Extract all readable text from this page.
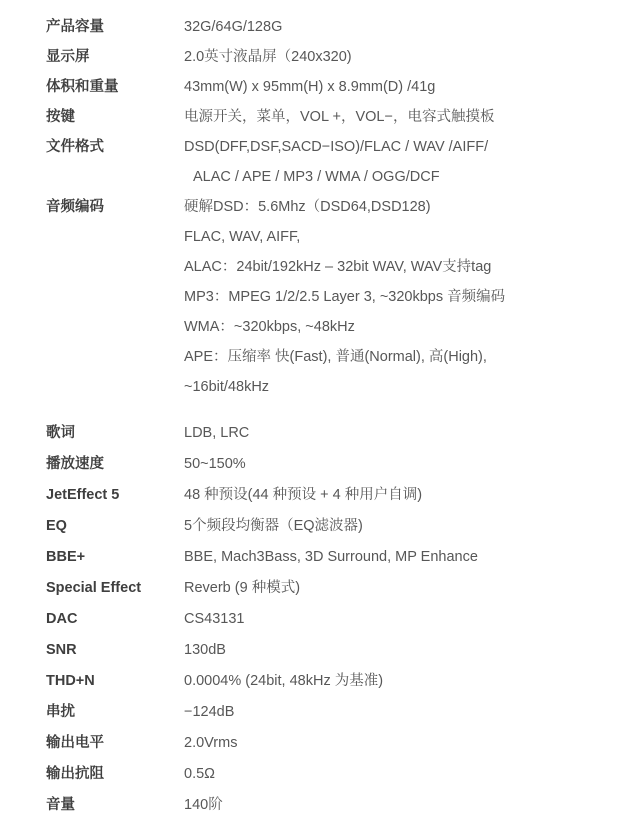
产品容量	32G/64G/128G
显示屏	2.0英寸液晶屏（240x320)
体积和重量	43mm(W) x 95mm(H) x 8.9mm(D) /41g
按键	电源开关，菜单，VOL +，VOL−，电容式触摸板
文件格式	DSD(DFF,DSF,SACD−ISO)/FLAC / WAV /AIFF/
ALAC / APE / MP3 / WMA / OGG/DCF
音频编码	硬解DSD：5.6Mhz（DSD64,DSD128)
FLAC, WAV, AIFF,
ALAC：24bit/192kHz – 32bit WAV, WAV支持tag
MP3：MPEG 1/2/2.5 Layer 3, ~320kbps 音频编码
WMA：~320kbps, ~48kHz
APE：压缩率 快(Fast), 普通(Normal), 高(High),
~16bit/48kHz
歌词	LDB, LRC
播放速度	50~150%
JetEffect 5	48 种预设(44 种预设 + 4 种用户自调)
EQ	5个频段均衡器（EQ滤波器)
BBE+	BBE, Mach3Bass, 3D Surround, MP Enhance
Special Effect	Reverb (9 种模式)
DAC	CS43131
SNR	130dB
THD+N	0.0004% (24bit, 48kHz 为基准)
串扰	−124dB
输出电平	2.0Vrms
输出抗阻	0.5Ω
音量	140阶
